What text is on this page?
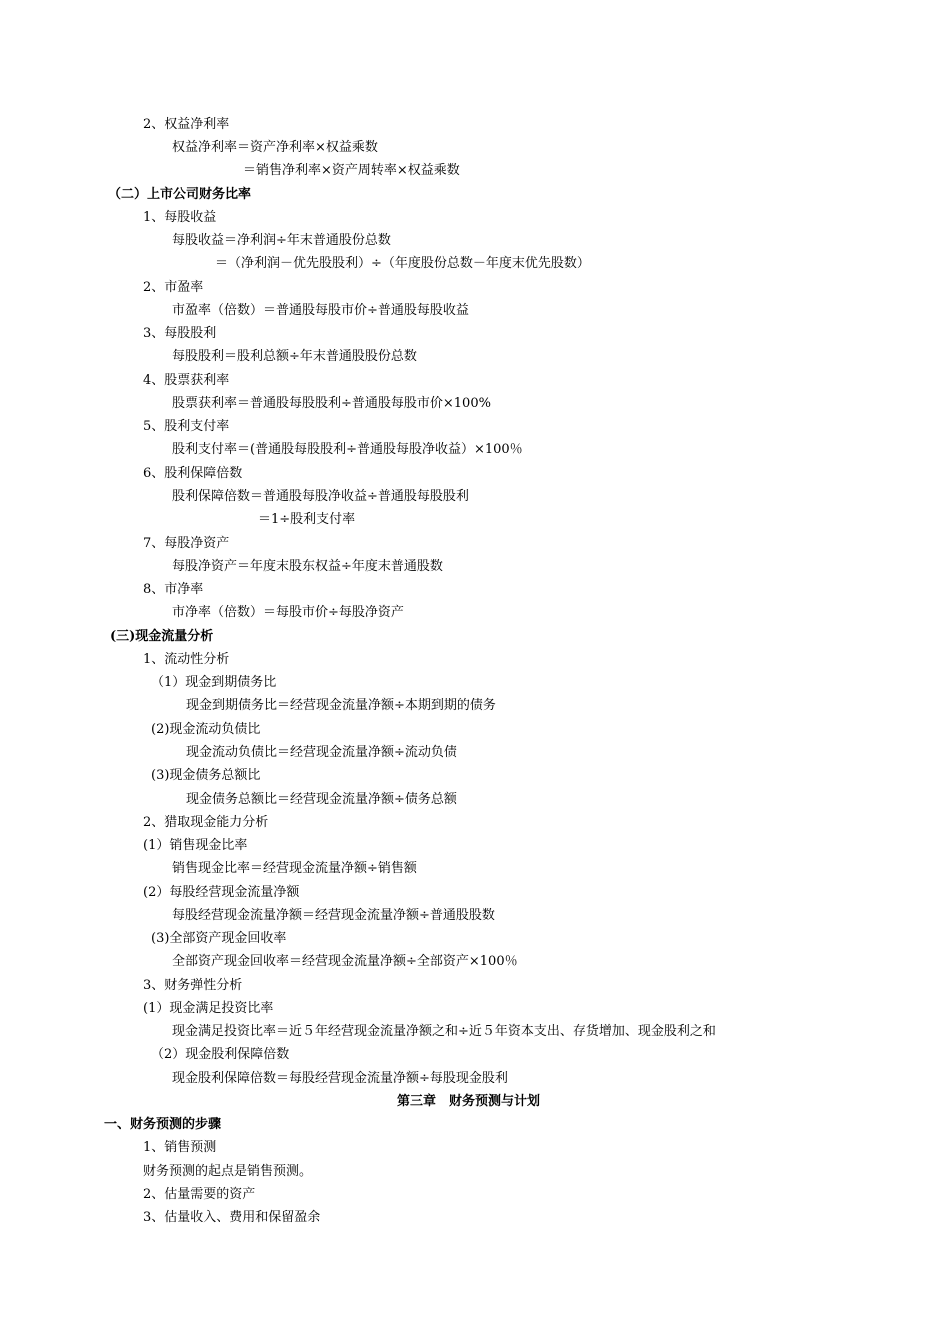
2、权益净利率
权益净利率＝资产净利率×权益乘数
＝销售净利率×资产周转率×权益乘数
（二）上市公司财务比率
1、每股收益
每股收益＝净利润÷年末普通股份总数
＝（净利润－优先股股利）÷（年度股份总数－年度末优先股数）
2、市盈率
市盈率（倍数）＝普通股每股市价÷普通股每股收益
3、每股股利
每股股利＝股利总额÷年末普通股股份总数
4、股票获利率
股票获利率＝普通股每股股利÷普通股每股市价×100%
5、股利支付率
股利支付率＝(普通股每股股利÷普通股每股净收益）×100％
6、股利保障倍数
股利保障倍数＝普通股每股净收益÷普通股每股股利
＝1÷股利支付率
7、每股净资产
每股净资产＝年度末股东权益÷年度末普通股数
8、市净率
市净率（倍数）＝每股市价÷每股净资产
(三)现金流量分析
1、流动性分析
（1）现金到期债务比
现金到期债务比＝经营现金流量净额÷本期到期的债务
(2)现金流动负债比
现金流动负债比＝经营现金流量净额÷流动负债
(3)现金债务总额比
现金债务总额比＝经营现金流量净额÷债务总额
2、猎取现金能力分析
(1）销售现金比率
销售现金比率＝经营现金流量净额÷销售额
(2）每股经营现金流量净额
每股经营现金流量净额＝经营现金流量净额÷普通股股数
(3)全部资产现金回收率
全部资产现金回收率＝经营现金流量净额÷全部资产×100％
3、财务弹性分析
(1）现金满足投资比率
现金满足投资比率＝近５年经营现金流量净额之和÷近５年资本支出、存货增加、现金股利之和
（2）现金股利保障倍数
现金股利保障倍数＝每股经营现金流量净额÷每股现金股利
第三章　财务预测与计划
一、财务预测的步骤
1、销售预测
财务预测的起点是销售预测。
2、估量需要的资产
3、估量收入、费用和保留盈余
